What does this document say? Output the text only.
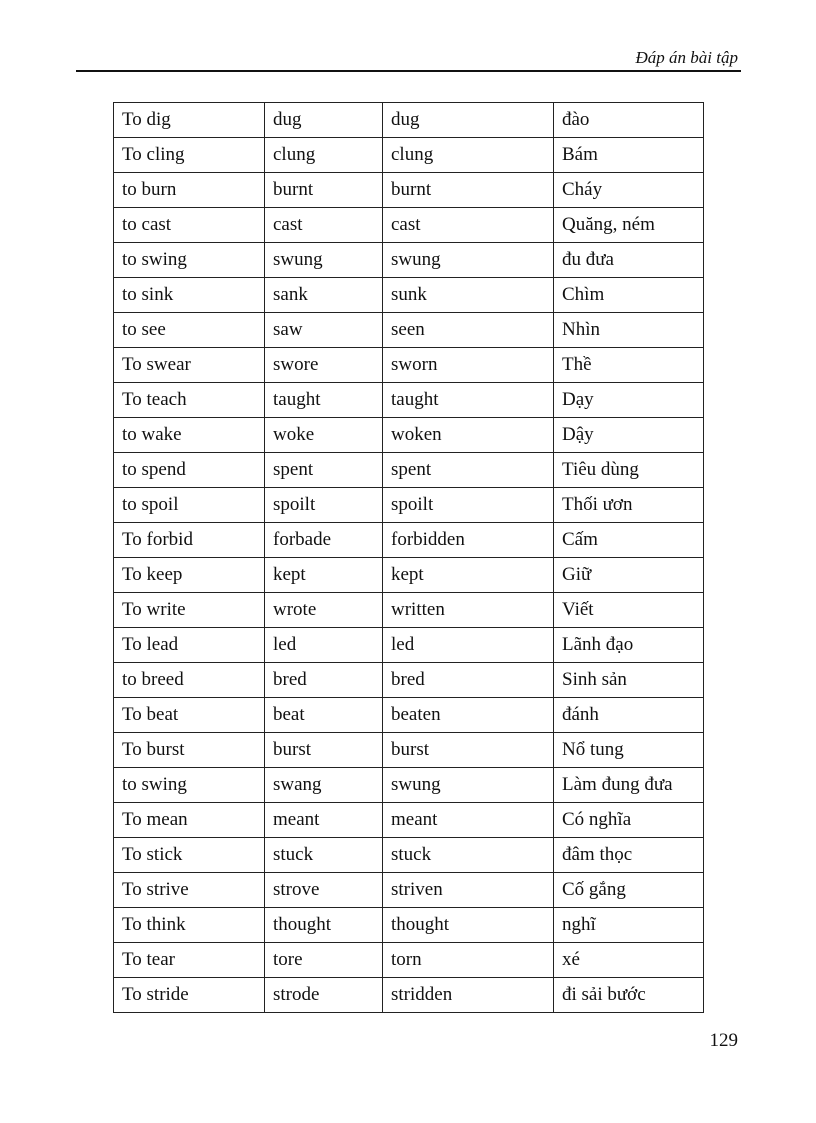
Đáp án bài tập
To dig	dug	dug	đào
To cling	clung	clung	Bám
to burn	burnt	burnt	Cháy
to cast	cast	cast	Quăng, ném
to swing	swung	swung	đu đưa
to sink	sank	sunk	Chìm
to see	saw	seen	Nhìn
To swear	swore	sworn	Thề
To teach	taught	taught	Dạy
to wake	woke	woken	Dậy
to spend	spent	spent	Tiêu dùng
to spoil	spoilt	spoilt	Thối ươn
To forbid	forbade	forbidden	Cấm
To keep	kept	kept	Giữ
To write	wrote	written	Viết
To lead	led	led	Lãnh đạo
to breed	bred	bred	Sinh sản
To beat	beat	beaten	đánh
To burst	burst	burst	Nổ tung
to swing	swang	swung	Làm đung đưa
To mean	meant	meant	Có nghĩa
To stick	stuck	stuck	đâm thọc
To strive	strove	striven	Cố gắng
To think	thought	thought	nghĩ
To tear	tore	torn	xé
To stride	strode	stridden	đi sải bước
129
